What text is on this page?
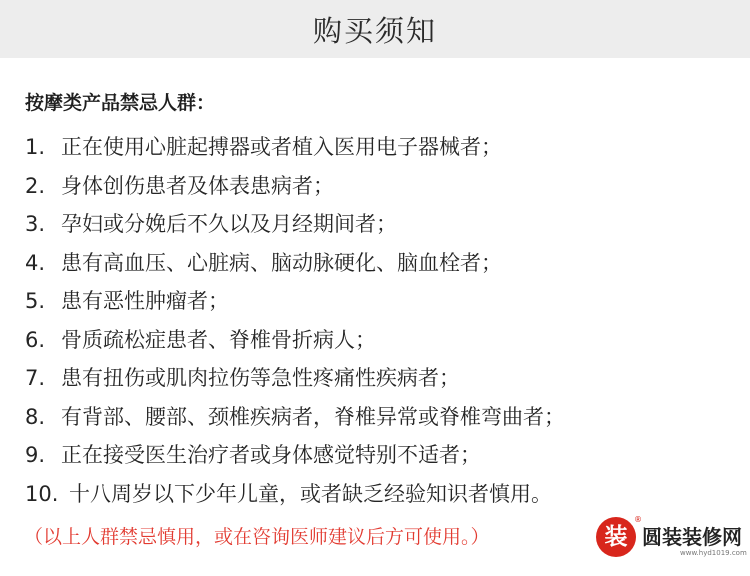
购买须知
按摩类产品禁忌人群：
1. 正在使用心脏起搏器或者植入医用电子器械者；
2. 身体创伤患者及体表患病者；
3. 孕妇或分娩后不久以及月经期间者；
4. 患有高血压、心脏病、脑动脉硬化、脑血栓者；
5. 患有恶性肿瘤者；
6. 骨质疏松症患者、脊椎骨折病人；
7. 患有扭伤或肌肉拉伤等急性疼痛性疾病者；
8. 有背部、腰部、颈椎疾病者，脊椎异常或脊椎弯曲者；
9. 正在接受医生治疗者或身体感觉特别不适者；
10. 十八周岁以下少年儿童，或者缺乏经验知识者慎用。
（以上人群禁忌慎用，或在咨询医师建议后方可使用。）	装
®
圆装装修网
www.hyd1019.com
